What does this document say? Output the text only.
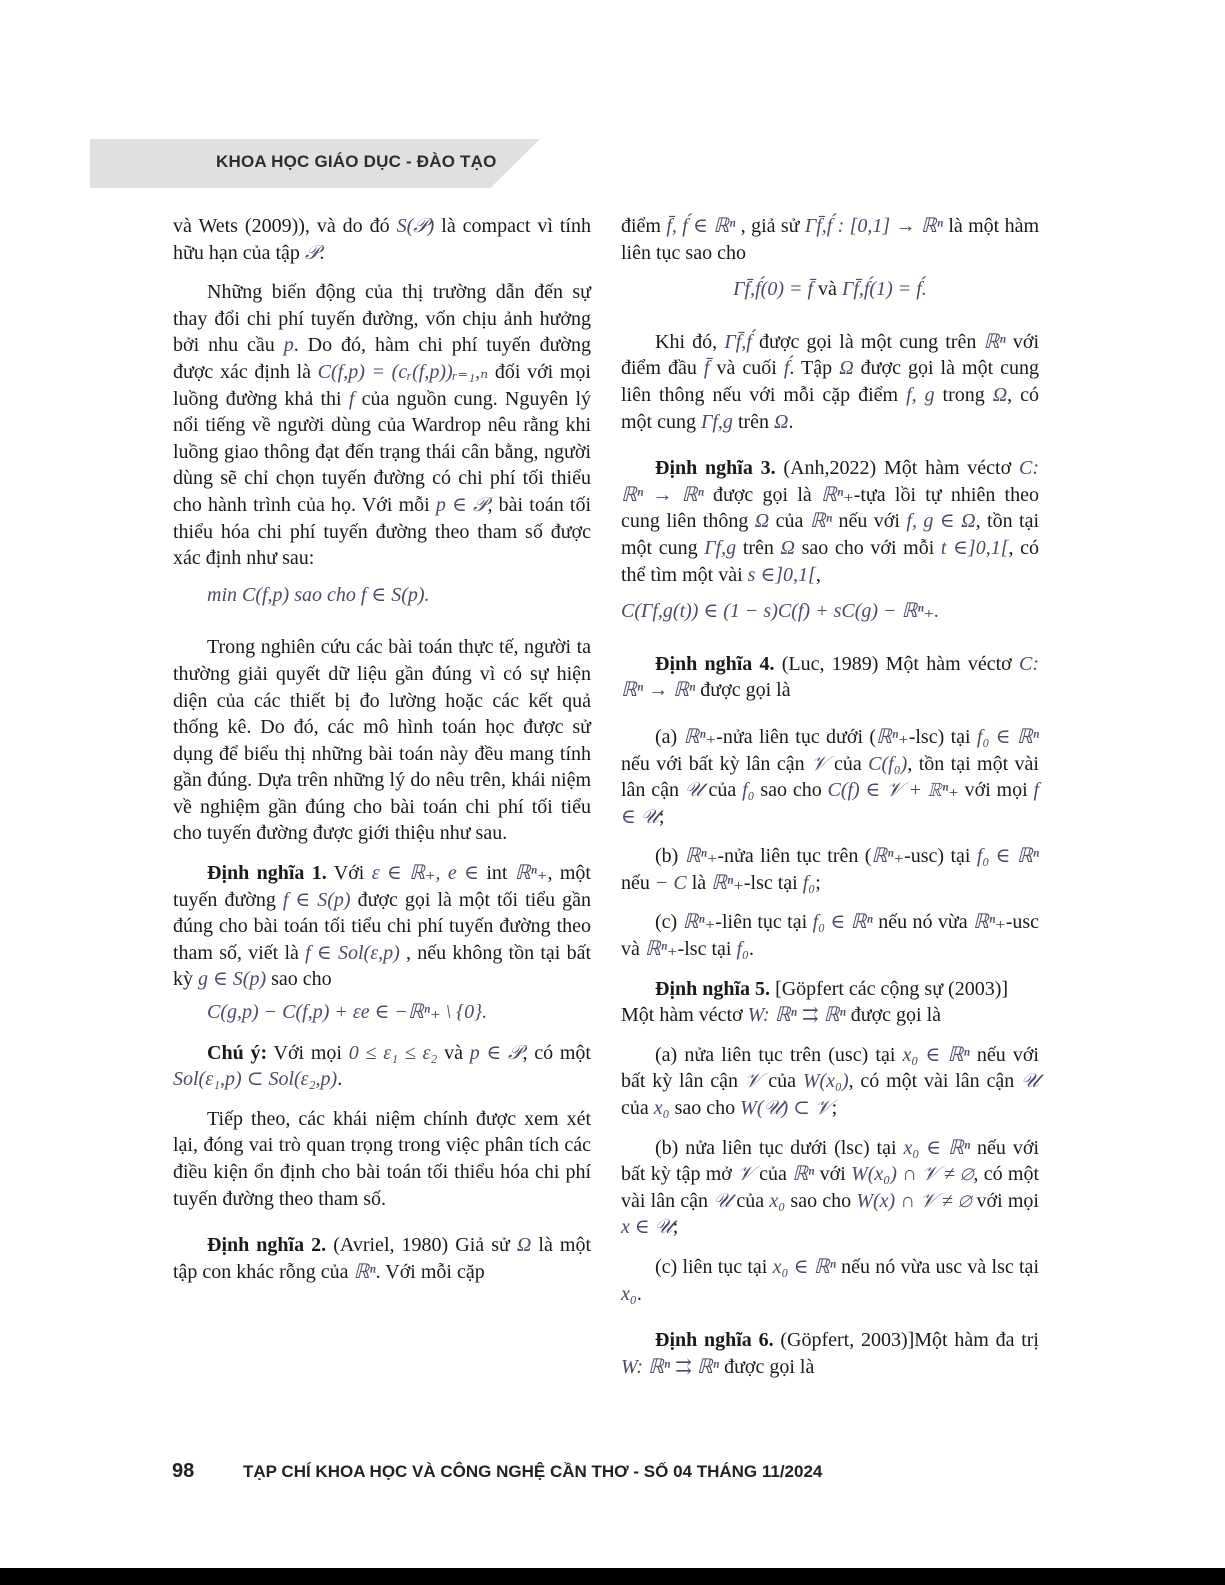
KHOA HỌC GIÁO DỤC - ĐÀO TẠO

và Wets (2009)), và do đó S(𝒫) là compact vì tính hữu hạn của tập 𝒫.

Những biến động của thị trường dẫn đến sự thay đổi chi phí tuyến đường, vốn chịu ảnh hưởng bởi nhu cầu p. Do đó, hàm chi phí tuyến đường được xác định là C(f,p) = (cᵣ(f,p))ᵣ₌₁,ₙ đối với mọi luồng đường khả thi f của nguồn cung. Nguyên lý nổi tiếng về người dùng của Wardrop nêu rằng khi luồng giao thông đạt đến trạng thái cân bằng, người dùng sẽ chỉ chọn tuyến đường có chi phí tối thiểu cho hành trình của họ. Với mỗi p ∈ 𝒫, bài toán tối thiểu hóa chi phí tuyến đường theo tham số được xác định như sau:

min C(f,p) sao cho f ∈ S(p).

Trong nghiên cứu các bài toán thực tế, người ta thường giải quyết dữ liệu gần đúng vì có sự hiện diện của các thiết bị đo lường hoặc các kết quả thống kê. Do đó, các mô hình toán học được sử dụng để biểu thị những bài toán này đều mang tính gần đúng. Dựa trên những lý do nêu trên, khái niệm về nghiệm gần đúng cho bài toán chi phí tối tiểu cho tuyến đường được giới thiệu như sau.

Định nghĩa 1. Với ε ∈ ℝ₊, e ∈ int ℝⁿ₊, một tuyến đường f ∈ S(p) được gọi là một tối tiểu gần đúng cho bài toán tối tiểu chi phí tuyến đường theo tham số, viết là f ∈ Sol(ε,p) , nếu không tồn tại bất kỳ g ∈ S(p) sao cho

C(g,p) − C(f,p) + εe ∈ −ℝⁿ₊ \ {0}.

Chú ý: Với mọi 0 ≤ ε₁ ≤ ε₂ và p ∈ 𝒫, có một Sol(ε₁,p) ⊂ Sol(ε₂,p).

Tiếp theo, các khái niệm chính được xem xét lại, đóng vai trò quan trọng trong việc phân tích các điều kiện ổn định cho bài toán tối thiểu hóa chi phí tuyến đường theo tham số.

Định nghĩa 2. (Avriel, 1980) Giả sử Ω là một tập con khác rỗng của ℝⁿ. Với mỗi cặp

điểm f̄, f́ ∈ ℝⁿ , giả sử Γf̄,f́ : [0,1] → ℝⁿ là một hàm liên tục sao cho

Γf̄,f́(0) = f̄ và Γf̄,f́(1) = f́.

Khi đó, Γf̄,f́ được gọi là một cung trên ℝⁿ với điểm đầu f̄ và cuối f́. Tập Ω được gọi là một cung liên thông nếu với mỗi cặp điểm f, g trong Ω, có một cung Γf,g trên Ω.

Định nghĩa 3. (Anh,2022) Một hàm véctơ C: ℝⁿ → ℝⁿ được gọi là ℝⁿ₊-tựa lồi tự nhiên theo cung liên thông Ω của ℝⁿ nếu với f, g ∈ Ω, tồn tại một cung Γf,g trên Ω sao cho với mỗi t ∈]0,1[, có thể tìm một vài s ∈]0,1[,

C(Γf,g(t)) ∈ (1 − s)C(f) + sC(g) − ℝⁿ₊.

Định nghĩa 4. (Luc, 1989) Một hàm véctơ C: ℝⁿ → ℝⁿ được gọi là

(a) ℝⁿ₊-nửa liên tục dưới (ℝⁿ₊-lsc) tại f₀ ∈ ℝⁿ nếu với bất kỳ lân cận 𝒱 của C(f₀), tồn tại một vài lân cận 𝒰 của f₀ sao cho C(f) ∈ 𝒱 + ℝⁿ₊ với mọi f ∈ 𝒰;

(b) ℝⁿ₊-nửa liên tục trên (ℝⁿ₊-usc) tại f₀ ∈ ℝⁿ nếu − C là ℝⁿ₊-lsc tại f₀;

(c) ℝⁿ₊-liên tục tại f₀ ∈ ℝⁿ nếu nó vừa ℝⁿ₊-usc và ℝⁿ₊-lsc tại f₀.

Định nghĩa 5. [Göpfert các cộng sự (2003)] Một hàm véctơ W: ℝⁿ ⇉ ℝⁿ được gọi là

(a) nửa liên tục trên (usc) tại x₀ ∈ ℝⁿ nếu với bất kỳ lân cận 𝒱 của W(x₀), có một vài lân cận 𝒰 của x₀ sao cho W(𝒰) ⊂ 𝒱;

(b) nửa liên tục dưới (lsc) tại x₀ ∈ ℝⁿ nếu với bất kỳ tập mở 𝒱 của ℝⁿ với W(x₀) ∩ 𝒱 ≠ ∅, có một vài lân cận 𝒰 của x₀ sao cho W(x) ∩ 𝒱 ≠ ∅ với mọi x ∈ 𝒰;

(c) liên tục tại x₀ ∈ ℝⁿ nếu nó vừa usc và lsc tại x₀.

Định nghĩa 6. (Göpfert, 2003)]Một hàm đa trị W: ℝⁿ ⇉ ℝⁿ được gọi là

98	TẠP CHÍ KHOA HỌC VÀ CÔNG NGHỆ CẦN THƠ - SỐ 04 THÁNG 11/2024
